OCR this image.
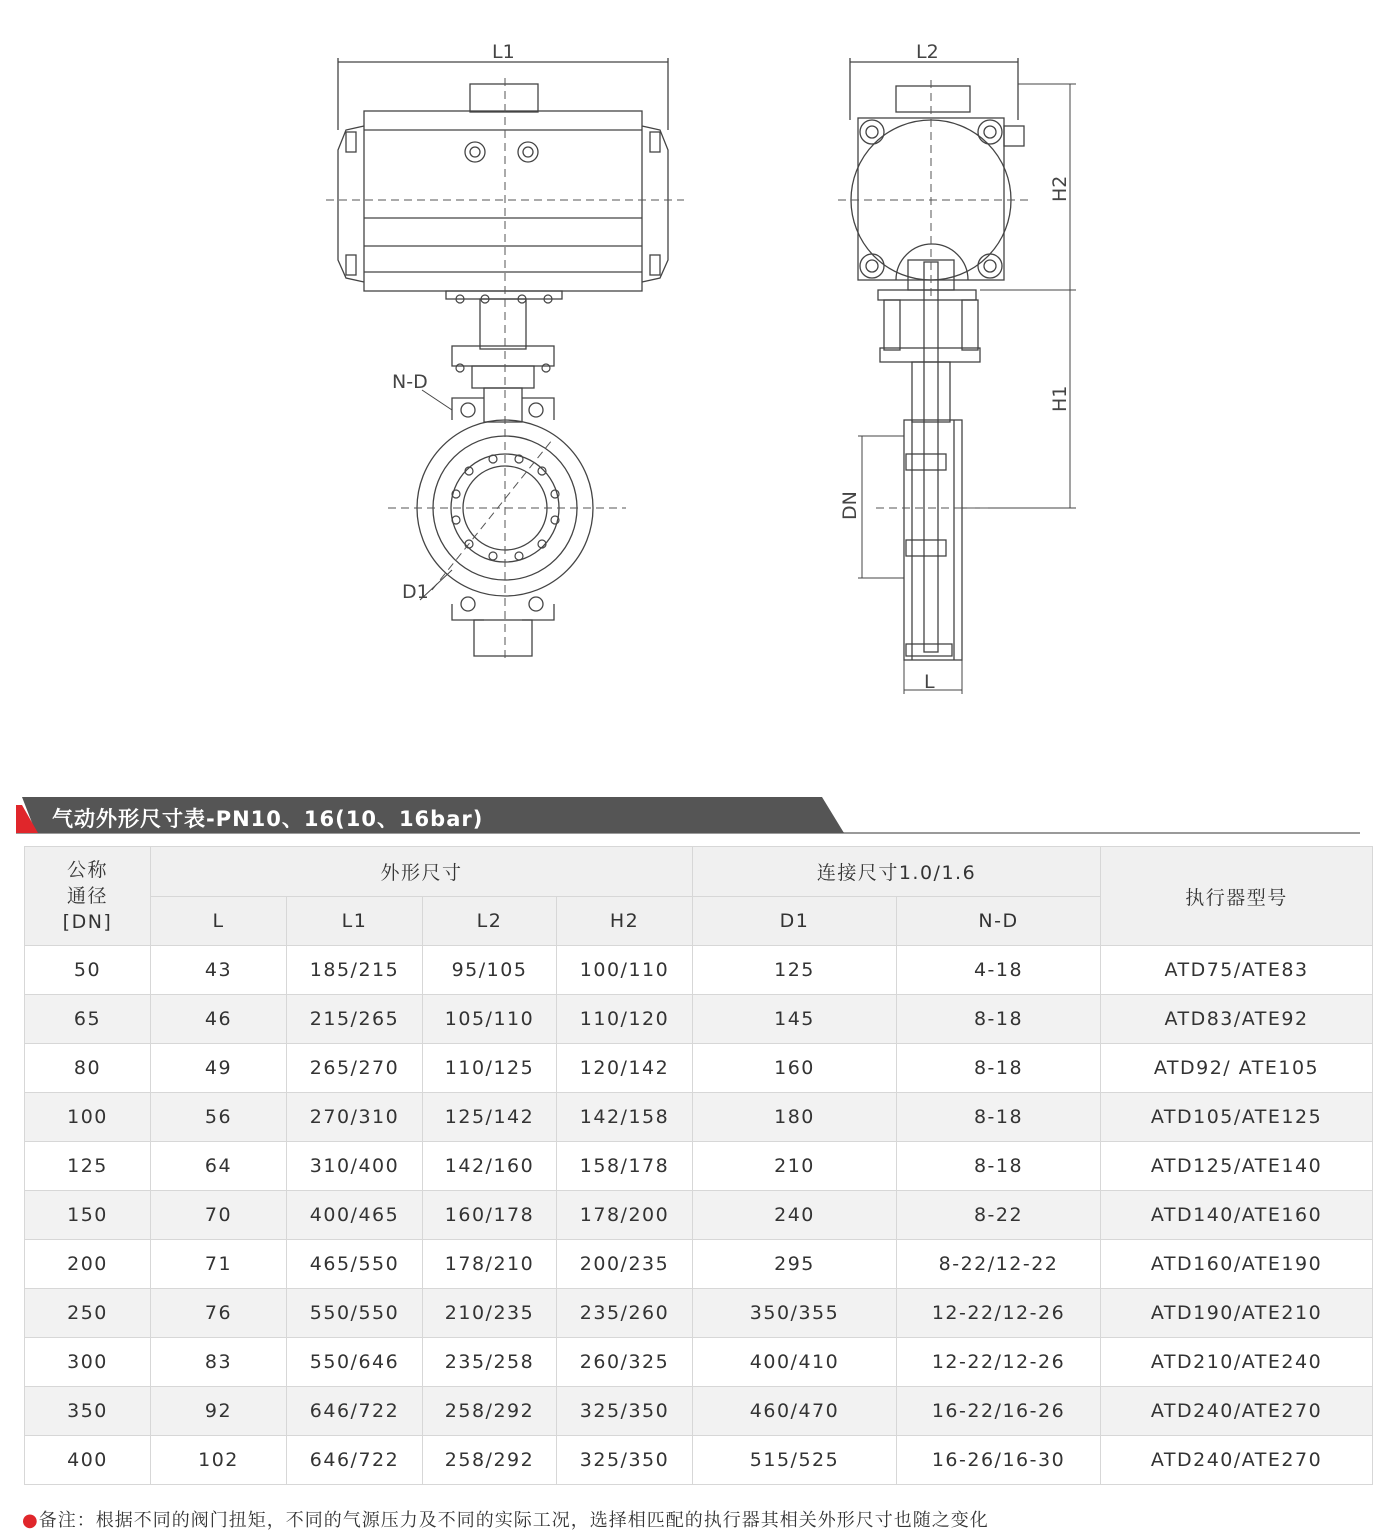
L1	L2
N-D
D1
H2
H1
DN
L
气动外形尺寸表-PN10、16(10、16bar)
公称
通径
[DN]	外形尺寸				连接尺寸1.0/1.6		执行器型号
	L	L1	L2	H2	D1	N-D	
50	43	185/215	95/105	100/110	125	4-18	ATD75/ATE83
65	46	215/265	105/110	110/120	145	8-18	ATD83/ATE92
80	49	265/270	110/125	120/142	160	8-18	ATD92/ ATE105
100	56	270/310	125/142	142/158	180	8-18	ATD105/ATE125
125	64	310/400	142/160	158/178	210	8-18	ATD125/ATE140
150	70	400/465	160/178	178/200	240	8-22	ATD140/ATE160
200	71	465/550	178/210	200/235	295	8-22/12-22	ATD160/ATE190
250	76	550/550	210/235	235/260	350/355	12-22/12-26	ATD190/ATE210
300	83	550/646	235/258	260/325	400/410	12-22/12-26	ATD210/ATE240
350	92	646/722	258/292	325/350	460/470	16-22/16-26	ATD240/ATE270
400	102	646/722	258/292	325/350	515/525	16-26/16-30	ATD240/ATE270
●备注：根据不同的阀门扭矩，不同的气源压力及不同的实际工况，选择相匹配的执行器其相关外形尺寸也随之变化
